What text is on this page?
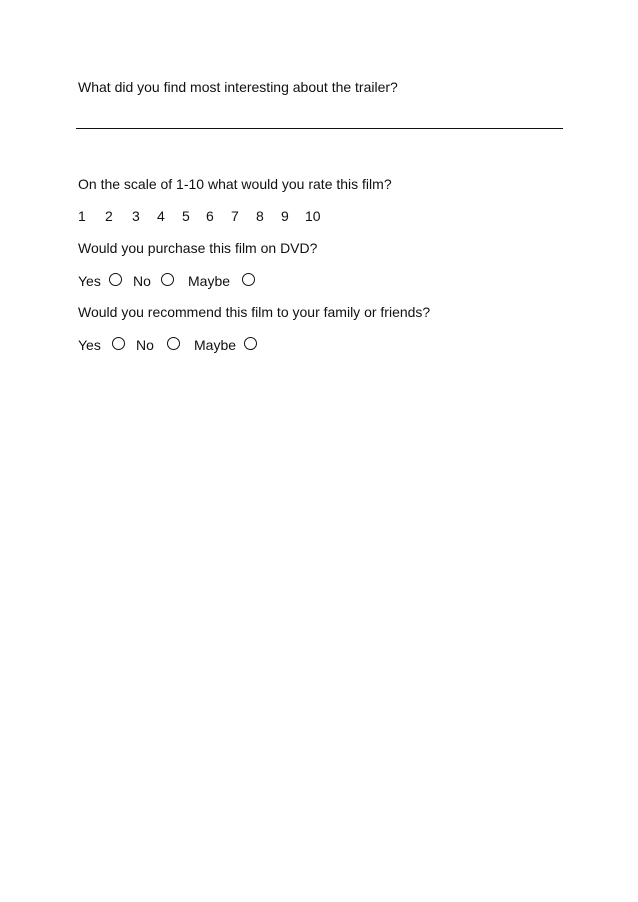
What did you find most interesting about the trailer?
On the scale of 1-10 what would you rate this film?
1 2 3 4 5 6 7 8 9 10
Would you purchase this film on DVD?
Yes No	Maybe
Would you recommend this film to your family or friends?
Yes	No	Maybe
